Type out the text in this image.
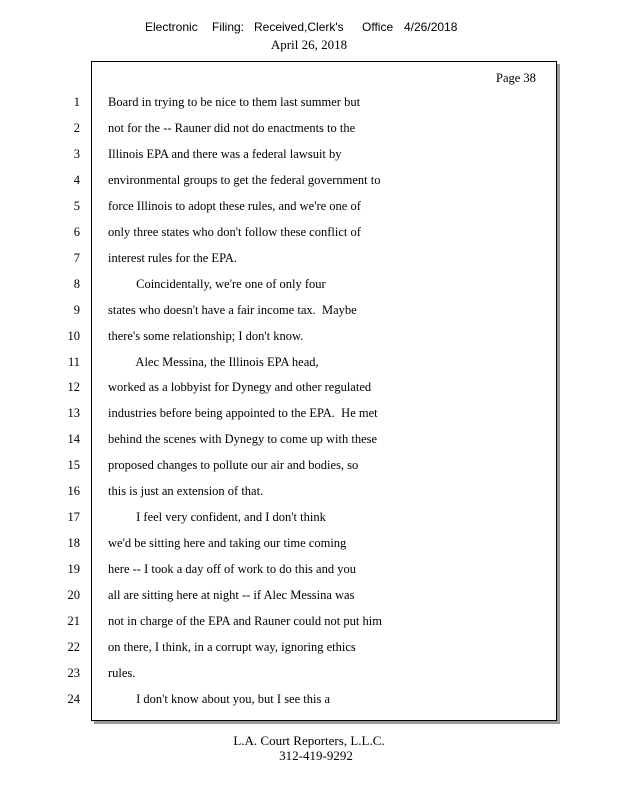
Electronic Filing: Received,Clerk's Office 4/26/2018
April 26, 2018
Page 38
1 Board in trying to be nice to them last summer but
2 not for the -- Rauner did not do enactments to the
3 Illinois EPA and there was a federal lawsuit by
4 environmental groups to get the federal government to
5 force Illinois to adopt these rules, and we're one of
6 only three states who don't follow these conflict of
7 interest rules for the EPA.
8 Coincidentally, we're one of only four
9 states who doesn't have a fair income tax.  Maybe
10 there's some relationship; I don't know.
11 Alec Messina, the Illinois EPA head,
12 worked as a lobbyist for Dynegy and other regulated
13 industries before being appointed to the EPA.  He met
14 behind the scenes with Dynegy to come up with these
15 proposed changes to pollute our air and bodies, so
16 this is just an extension of that.
17 I feel very confident, and I don't think
18 we'd be sitting here and taking our time coming
19 here -- I took a day off of work to do this and you
20 all are sitting here at night -- if Alec Messina was
21 not in charge of the EPA and Rauner could not put him
22 on there, I think, in a corrupt way, ignoring ethics
23 rules.
24 I don't know about you, but I see this a
L.A. Court Reporters, L.L.C.
312-419-9292
